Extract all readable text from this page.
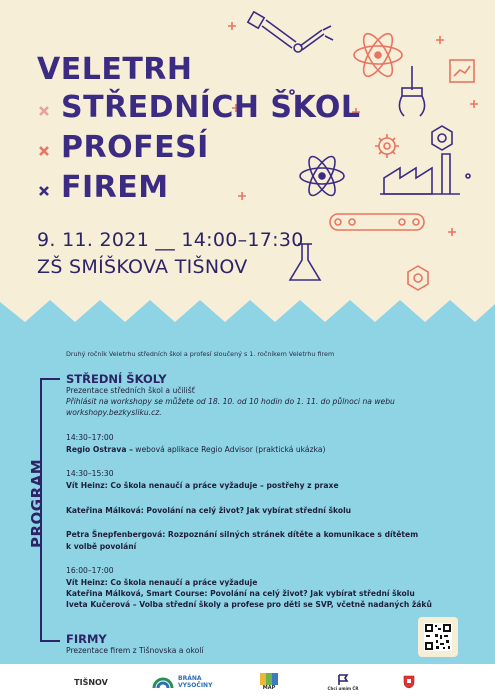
VELETRH
STŘEDNÍCH ŠKOL
PROFESÍ
FIREM
9. 11. 2021 __ 14:00–17:30
ZŠ SMÍŠKOVA TIŠNOV
Druhý ročník Veletrhu středních škol a profesí sloučený s 1. ročníkem Veletrhu firem
PROGRAM
STŘEDNÍ ŠKOLY
Prezentace středních škol a učilišť
Přihlásit na workshopy se můžete od 18. 10. od 10 hodin do 1. 11. do půlnoci na webu
workshopy.bezkysliku.cz.
14:30–17:00
Regio Ostrava – webová aplikace Regio Advisor (praktická ukázka)
14:30–15:30
Vít Heinz: Co škola nenaučí a práce vyžaduje – postřehy z praxe
Kateřina Málková: Povolání na celý život? Jak vybírat střední školu
Petra Šnepfenbergová: Rozpoznání silných stránek dítěte a komunikace s dítětem
k volbě povolání
16:00–17:00
Vít Heinz: Co škola nenaučí a práce vyžaduje
Kateřina Málková, Smart Course: Povolání na celý život? Jak vybírat střední školu
Iveta Kučerová – Volba střední školy a profese pro děti se SVP, včetně nadaných žáků
FIRMY
Prezentace firem z Tišnovska a okolí
TIŠNOV	BRÁNA VYSOČINY	MAP	Chci umím ČR
